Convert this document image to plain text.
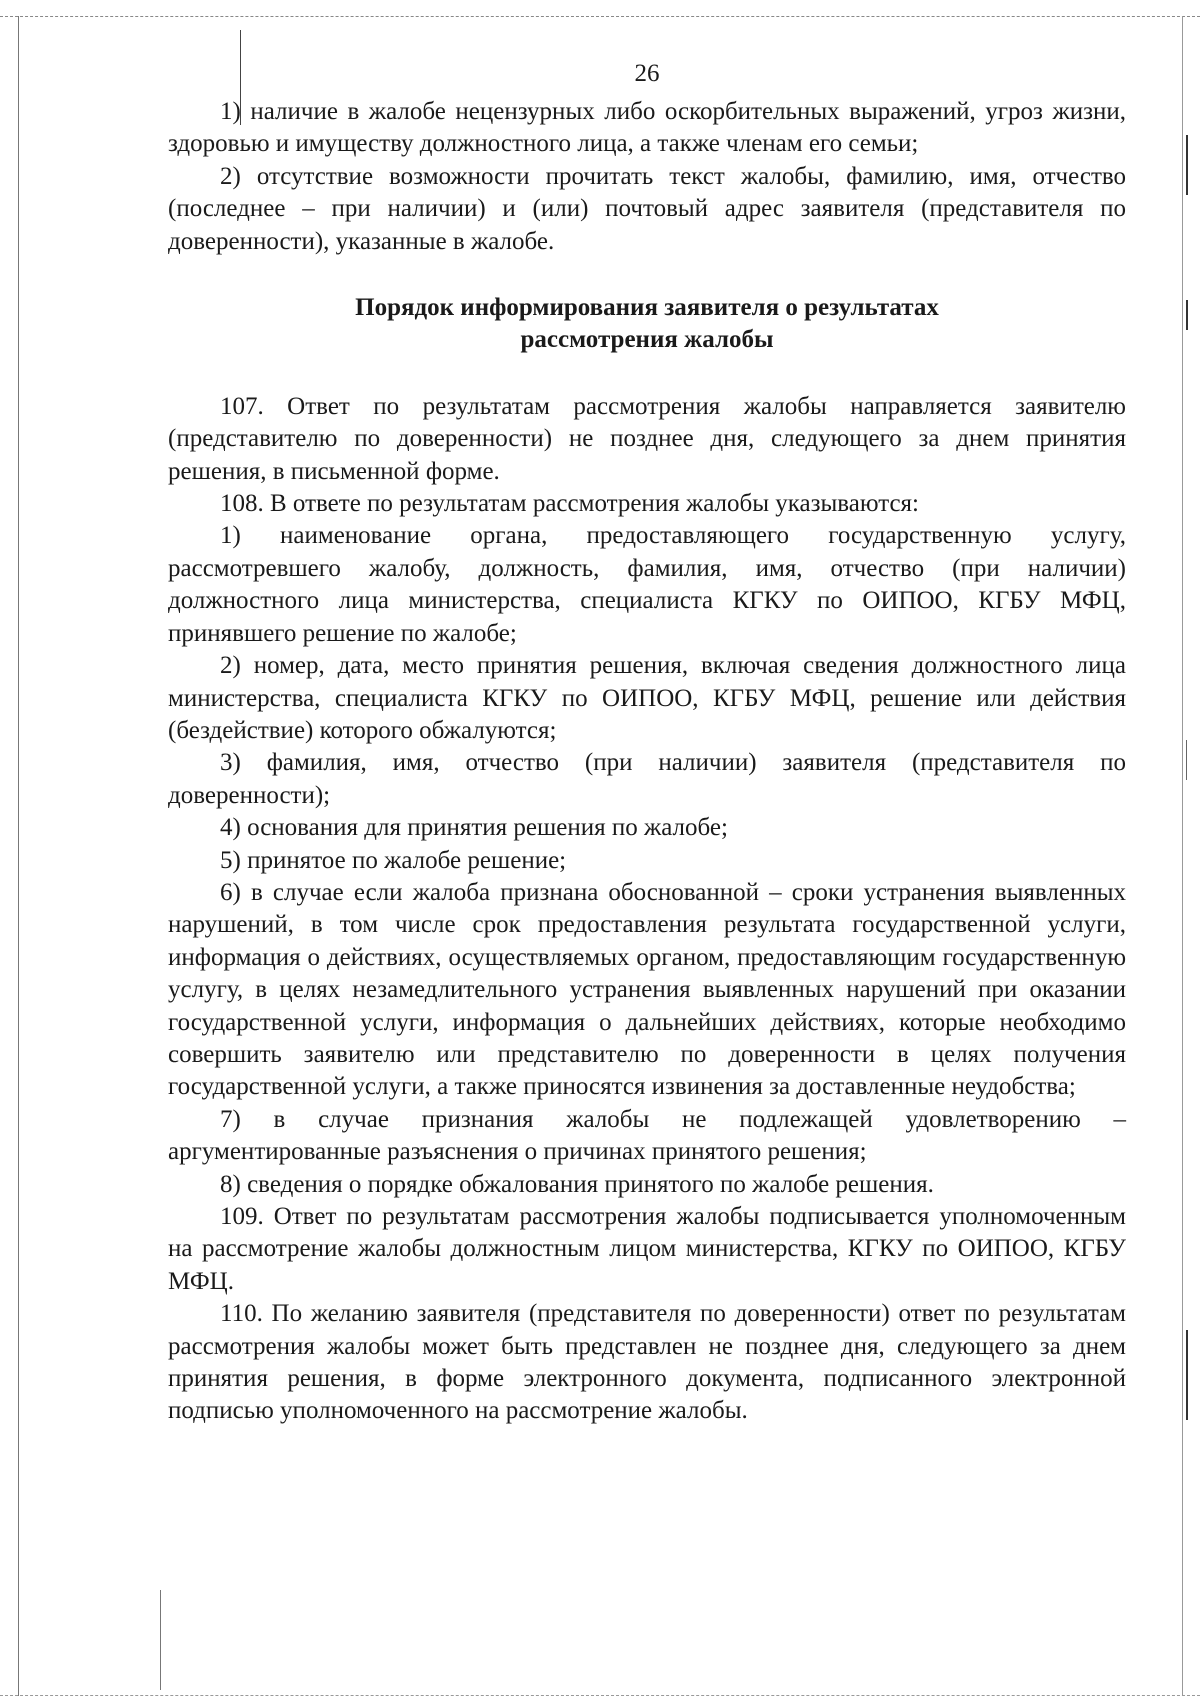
26

1) наличие в жалобе нецензурных либо оскорбительных выражений, угроз жизни, здоровью и имуществу должностного лица, а также членам его семьи;

2) отсутствие возможности прочитать текст жалобы, фамилию, имя, отчество (последнее – при наличии) и (или) почтовый адрес заявителя (представителя по доверенности), указанные в жалобе.

Порядок информирования заявителя о результатах рассмотрения жалобы

107. Ответ по результатам рассмотрения жалобы направляется заявителю (представителю по доверенности) не позднее дня, следующего за днем принятия решения, в письменной форме.

108. В ответе по результатам рассмотрения жалобы указываются:

1) наименование органа, предоставляющего государственную услугу, рассмотревшего жалобу, должность, фамилия, имя, отчество (при наличии) должностного лица министерства, специалиста КГКУ по ОИПОО, КГБУ МФЦ, принявшего решение по жалобе;

2) номер, дата, место принятия решения, включая сведения должностного лица министерства, специалиста КГКУ по ОИПОО, КГБУ МФЦ, решение или действия (бездействие) которого обжалуются;

3) фамилия, имя, отчество (при наличии) заявителя (представителя по доверенности);

4) основания для принятия решения по жалобе;

5) принятое по жалобе решение;

6) в случае если жалоба признана обоснованной – сроки устранения выявленных нарушений, в том числе срок предоставления результата государственной услуги, информация о действиях, осуществляемых органом, предоставляющим государственную услугу, в целях незамедлительного устранения выявленных нарушений при оказании государственной услуги, информация о дальнейших действиях, которые необходимо совершить заявителю или представителю по доверенности в целях получения государственной услуги, а также приносятся извинения за доставленные неудобства;

7) в случае признания жалобы не подлежащей удовлетворению – аргументированные разъяснения о причинах принятого решения;

8) сведения о порядке обжалования принятого по жалобе решения.

109. Ответ по результатам рассмотрения жалобы подписывается уполномоченным на рассмотрение жалобы должностным лицом министерства, КГКУ по ОИПОО, КГБУ МФЦ.

110. По желанию заявителя (представителя по доверенности) ответ по результатам рассмотрения жалобы может быть представлен не позднее дня, следующего за днем принятия решения, в форме электронного документа, подписанного электронной подписью уполномоченного на рассмотрение жалобы.
